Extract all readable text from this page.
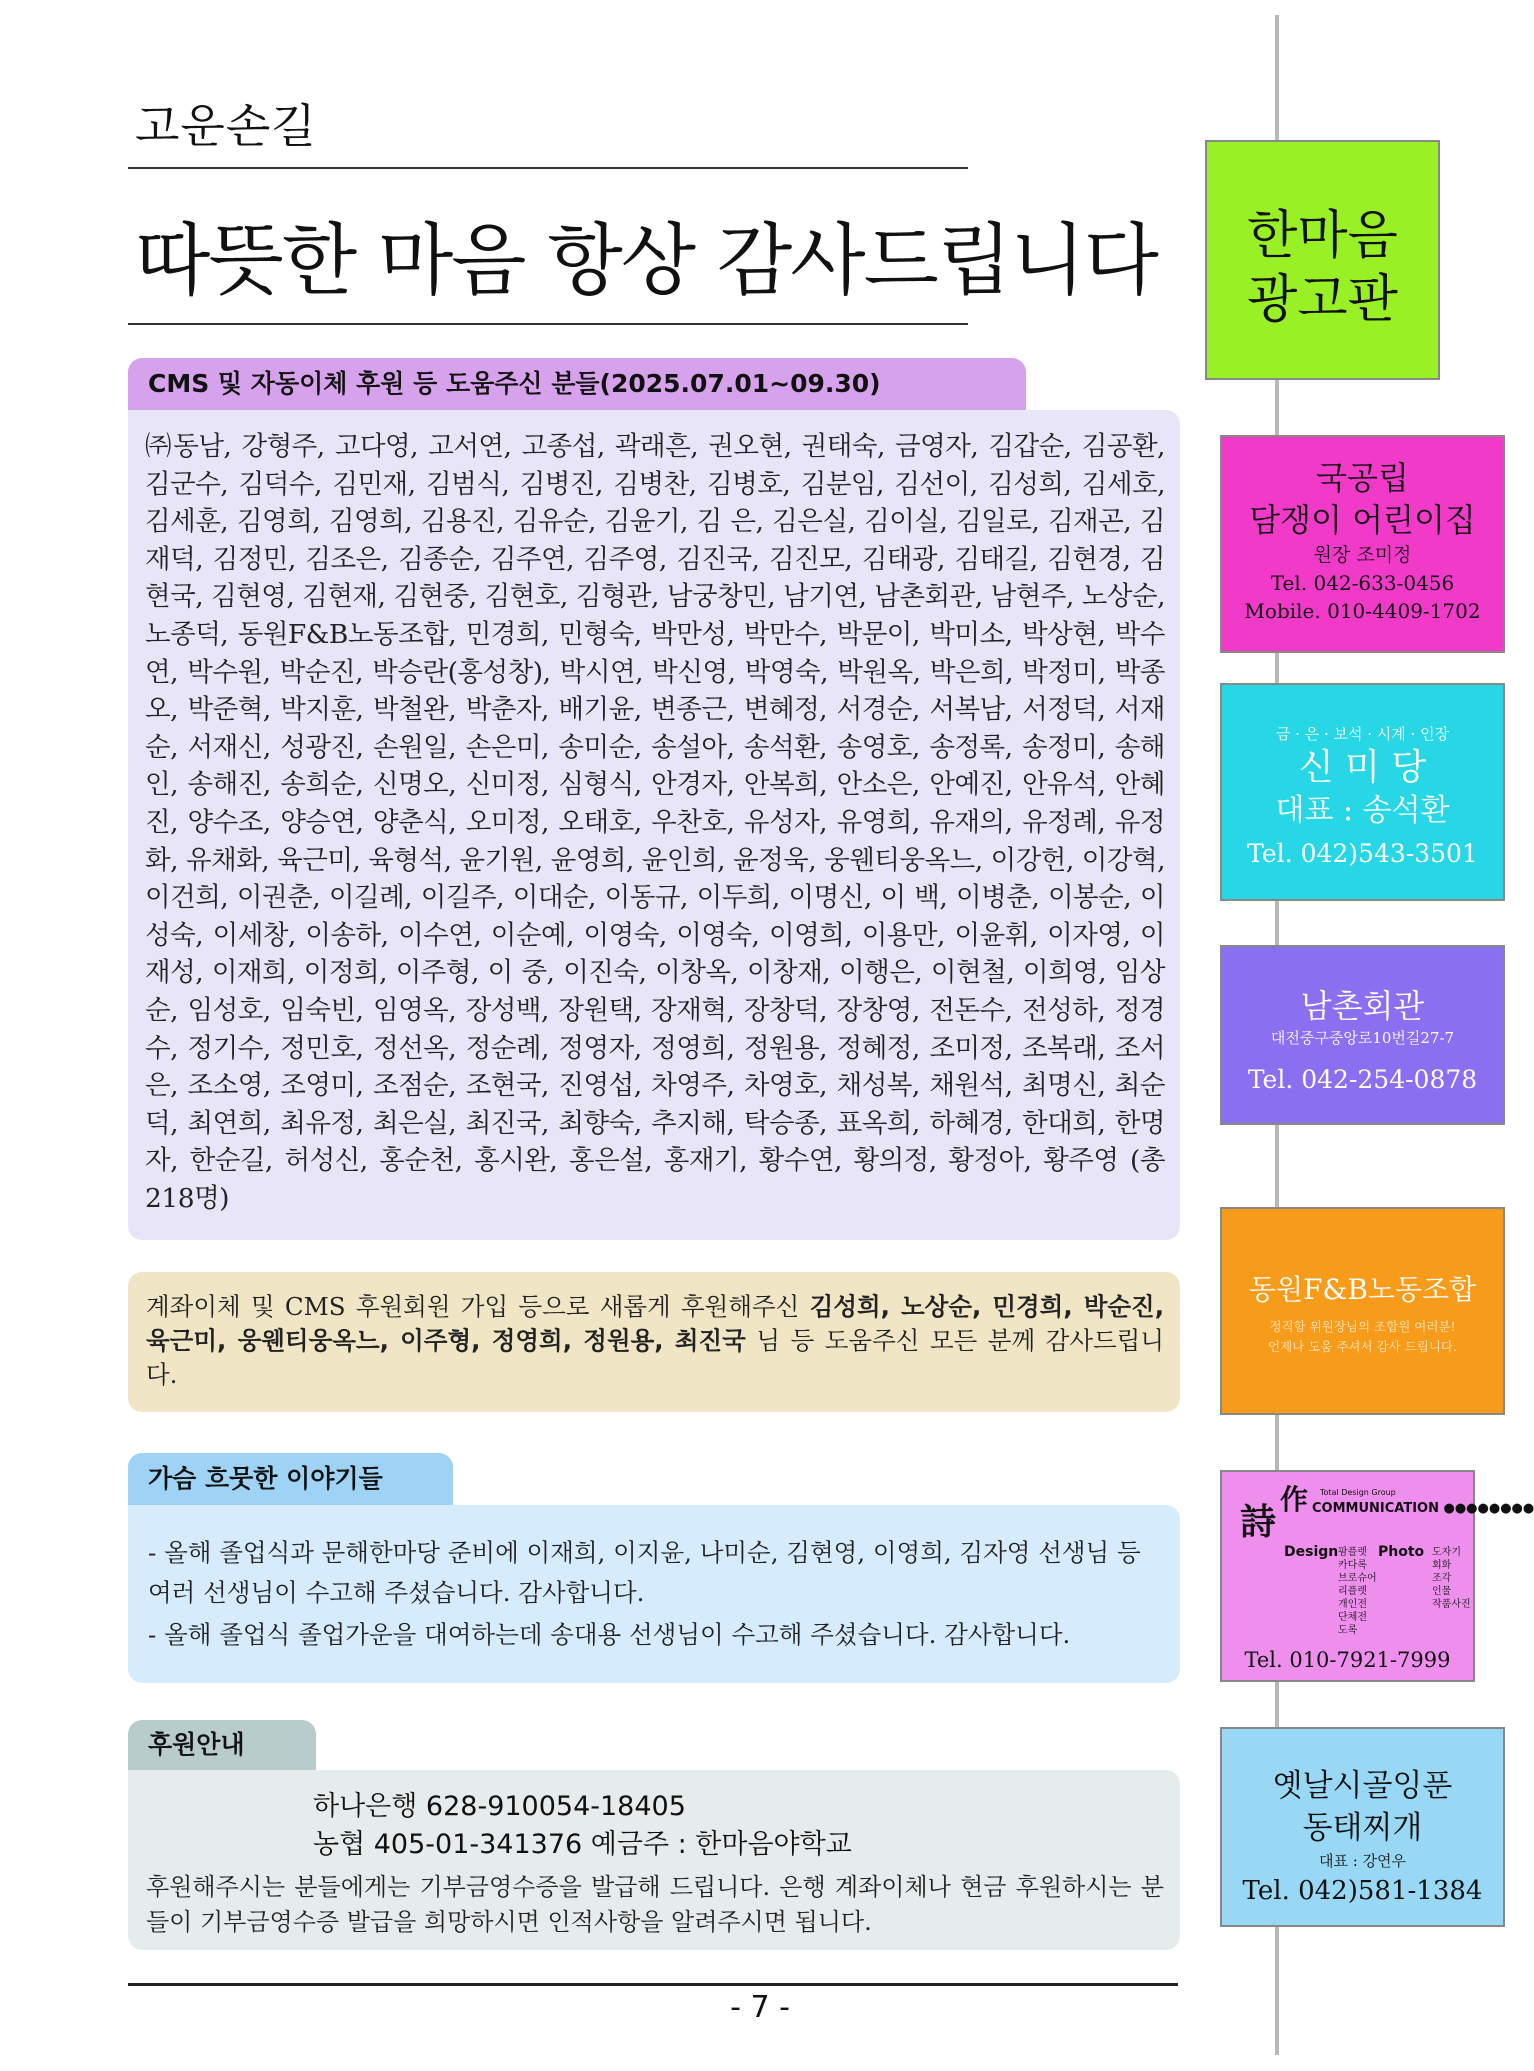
고운손길
따뜻한 마음 항상 감사드립니다
CMS 및 자동이체 후원 등 도움주신 분들(2025.07.01~09.30)
㈜동남, 강형주, 고다영, 고서연, 고종섭, 곽래흔, 권오현, 권태숙, 금영자, 김갑순, 김공환, 김군수, 김덕수, 김민재, 김범식, 김병진, 김병찬, 김병호, 김분임, 김선이, 김성희, 김세호, 김세훈, 김영희, 김영희, 김용진, 김유순, 김윤기, 김 은, 김은실, 김이실, 김일로, 김재곤, 김재덕, 김정민, 김조은, 김종순, 김주연, 김주영, 김진국, 김진모, 김태광, 김태길, 김현경, 김현국, 김현영, 김현재, 김현중, 김현호, 김형관, 남궁창민, 남기연, 남촌회관, 남현주, 노상순, 노종덕, 동원F&B노동조합, 민경희, 민형숙, 박만성, 박만수, 박문이, 박미소, 박상현, 박수연, 박수원, 박순진, 박승란(홍성창), 박시연, 박신영, 박영숙, 박원옥, 박은희, 박정미, 박종오, 박준혁, 박지훈, 박철완, 박춘자, 배기윤, 변종근, 변혜정, 서경순, 서복남, 서정덕, 서재순, 서재신, 성광진, 손원일, 손은미, 송미순, 송설아, 송석환, 송영호, 송정록, 송정미, 송해인, 송해진, 송희순, 신명오, 신미정, 심형식, 안경자, 안복희, 안소은, 안예진, 안유석, 안혜진, 양수조, 양승연, 양춘식, 오미정, 오태호, 우찬호, 유성자, 유영희, 유재의, 유정례, 유정화, 유채화, 육근미, 육형석, 윤기원, 윤영희, 윤인희, 윤정욱, 웅웬티웅옥느, 이강헌, 이강혁, 이건희, 이권춘, 이길례, 이길주, 이대순, 이동규, 이두희, 이명신, 이 백, 이병춘, 이봉순, 이성숙, 이세창, 이송하, 이수연, 이순예, 이영숙, 이영숙, 이영희, 이용만, 이윤휘, 이자영, 이재성, 이재희, 이정희, 이주형, 이 중, 이진숙, 이창옥, 이창재, 이행은, 이현철, 이희영, 임상순, 임성호, 임숙빈, 임영옥, 장성백, 장원택, 장재혁, 장창덕, 장창영, 전돈수, 전성하, 정경수, 정기수, 정민호, 정선옥, 정순례, 정영자, 정영희, 정원용, 정혜정, 조미정, 조복래, 조서은, 조소영, 조영미, 조점순, 조현국, 진영섭, 차영주, 차영호, 채성복, 채원석, 최명신, 최순덕, 최연희, 최유정, 최은실, 최진국, 최향숙, 추지해, 탁승종, 표옥희, 하혜경, 한대희, 한명자, 한순길, 허성신, 홍순천, 홍시완, 홍은설, 홍재기, 황수연, 황의정, 황정아, 황주영 (총 218명)

계좌이체 및 CMS 후원회원 가입 등으로 새롭게 후원해주신 김성희, 노상순, 민경희, 박순진, 육근미, 웅웬티웅옥느, 이주형, 정영희, 정원용, 최진국 님 등 도움주신 모든 분께 감사드립니다.

가슴 흐뭇한 이야기들

- 올해 졸업식과 문해한마당 준비에 이재희, 이지윤, 나미순, 김현영, 이영희, 김자영 선생님 등 여러 선생님이 수고해 주셨습니다. 감사합니다.

- 올해 졸업식 졸업가운을 대여하는데 송대용 선생님이 수고해 주셨습니다. 감사합니다.

후원안내
하나은행 628-910054-18405
농협 405-01-341376 예금주 : 한마음야학교

후원해주시는 분들에게는 기부금영수증을 발급해 드립니다. 은행 계좌이체나 현금 후원하시는 분들이 기부금영수증 발급을 희망하시면 인적사항을 알려주시면 됩니다.

- 7 -
한마음
광고판
국공립
담쟁이 어린이집
원장 조미정
Tel. 042-633-0456
Mobile. 010-4409-1702
금 · 은 · 보석 · 시계 · 인장
신 미 당
대표 : 송석환
Tel. 042)543-3501
남촌회관
대전중구중앙로10번길27-7
Tel. 042-254-0878
동원F&B노동조합
정직함 위원장님의 조합원 여러분!
언제나 도움 주셔서 감사 드립니다.
詩
作 Total Design Group
COMMUNICATION ●●●●●●●●
Design 팜플렛
카다록
브로슈어
리플렛
개인전
단체전
도록
Photo 도자기
회화
조각
인물
작품사진
Tel. 010-7921-7999
옛날시골잉푼
동태찌개
대표 : 강연우
Tel. 042)581-1384
